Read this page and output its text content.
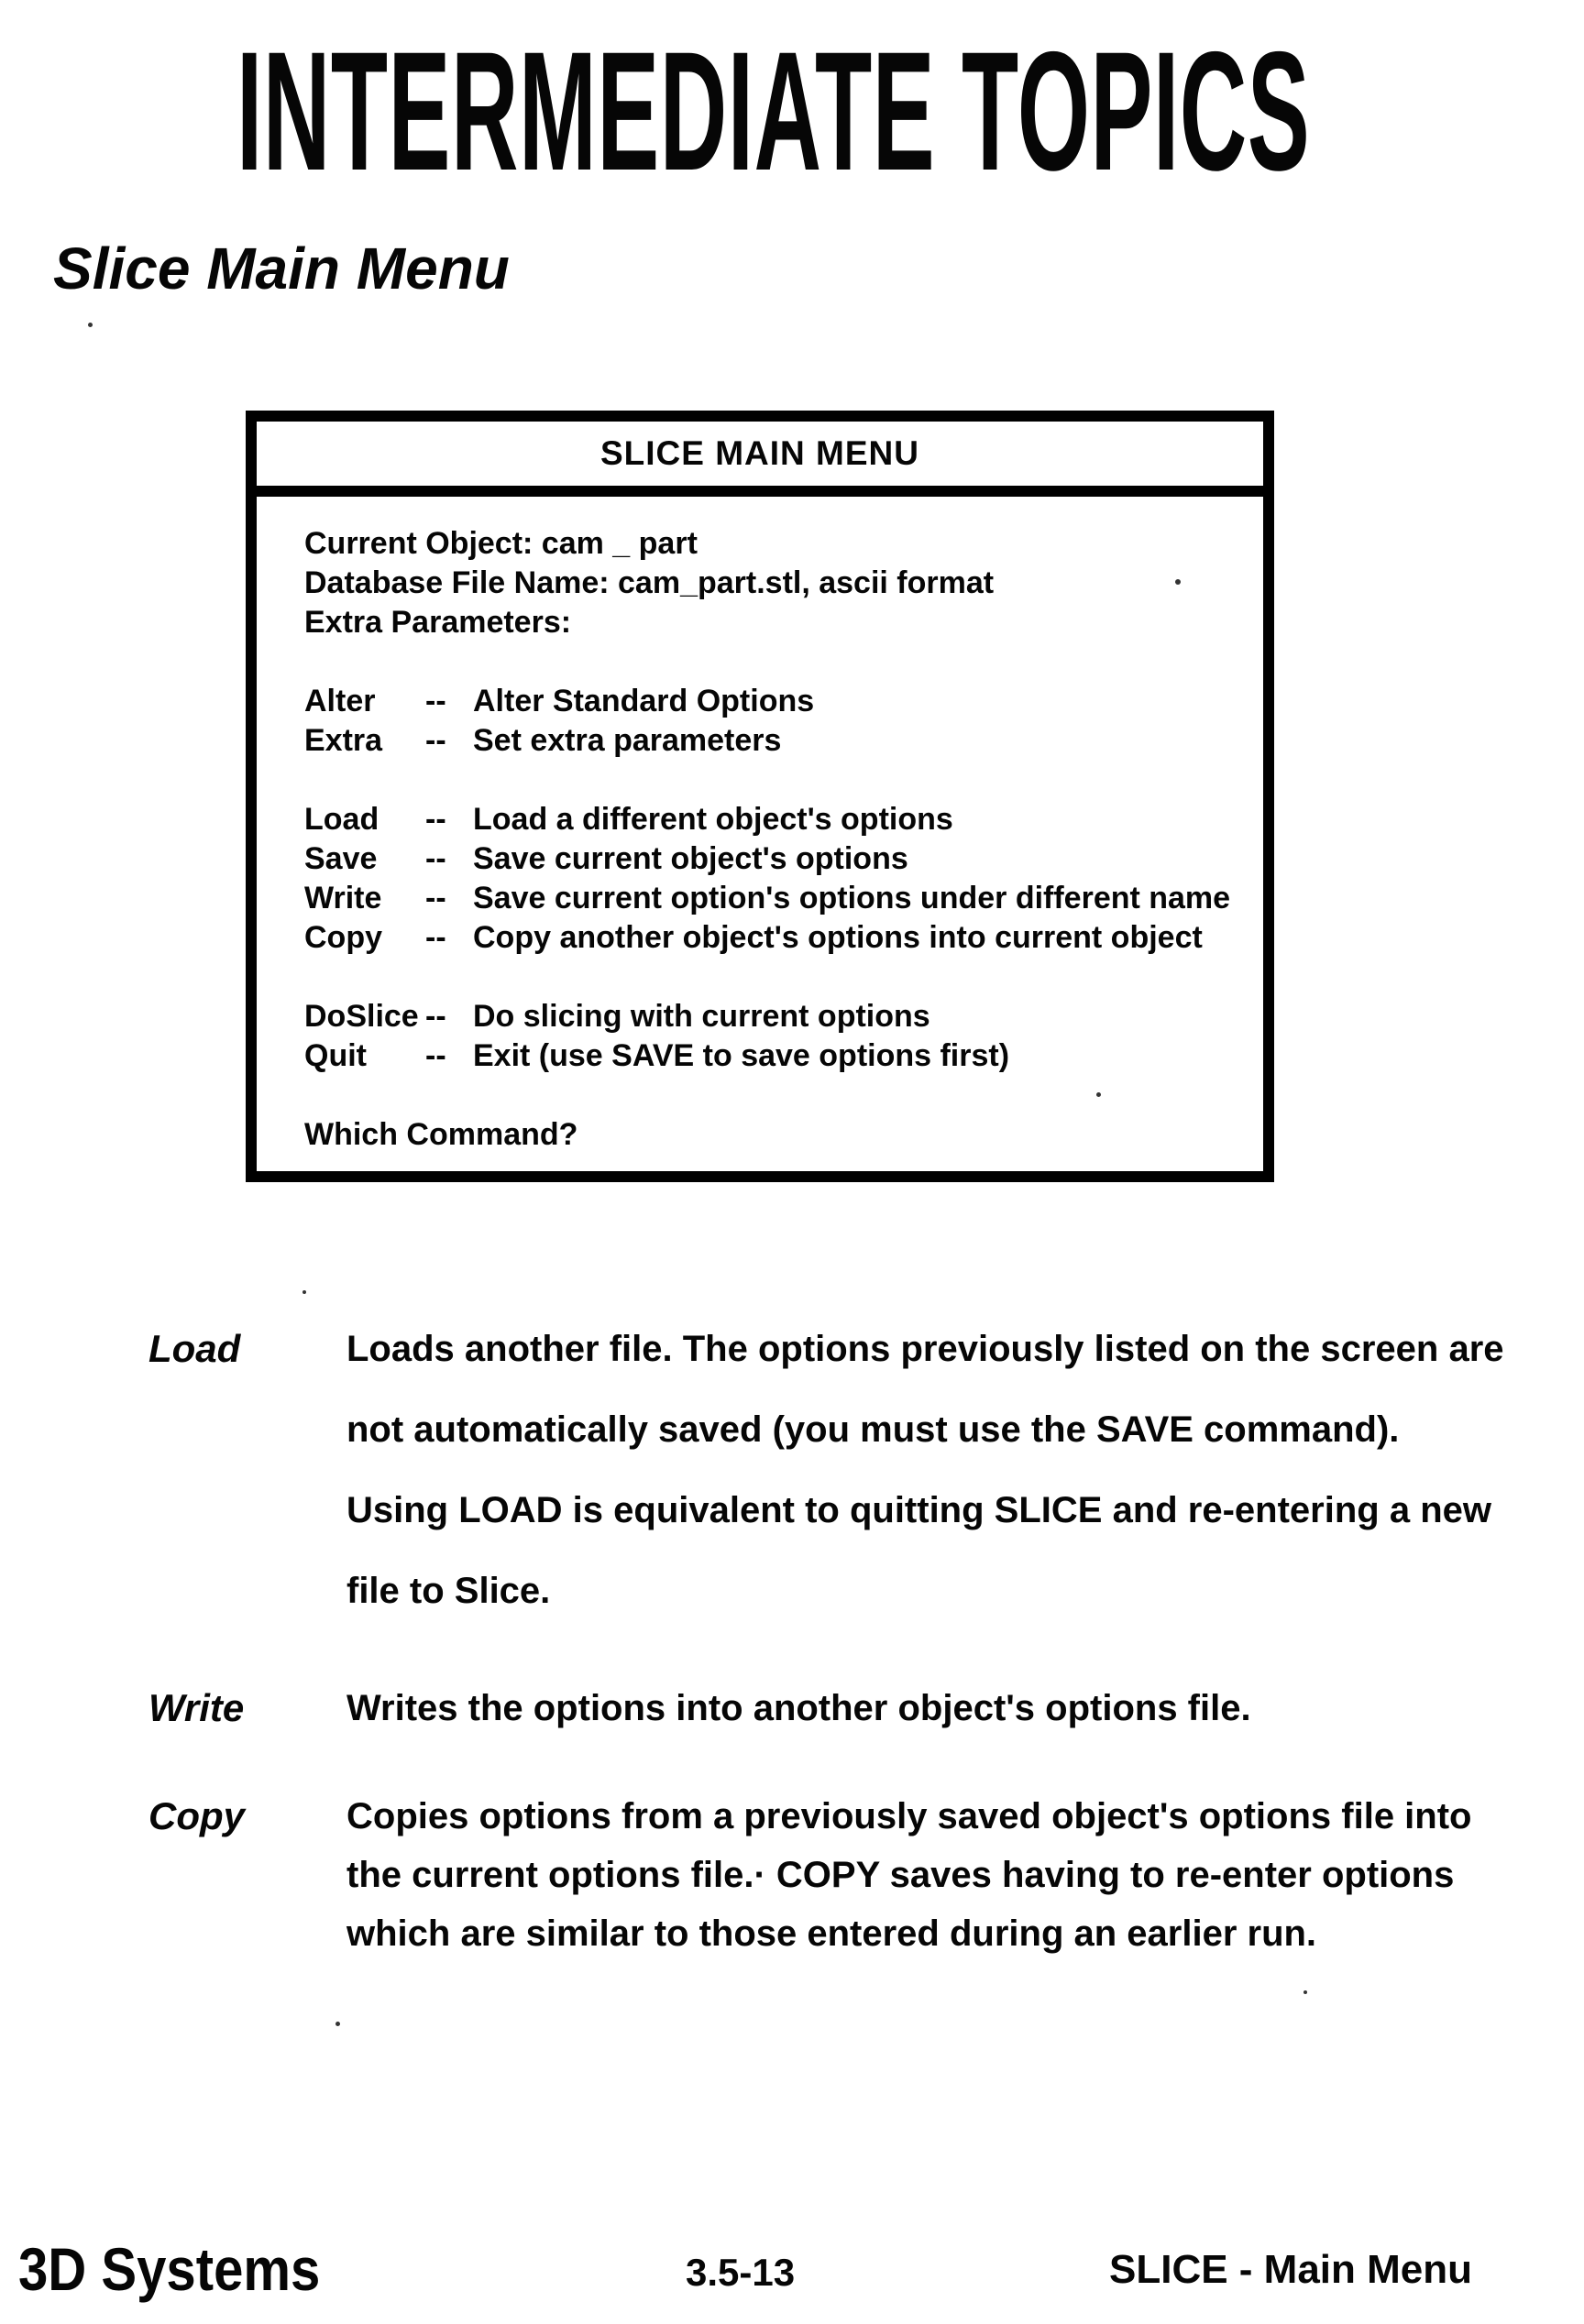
INTERMEDIATE TOPICS
Slice Main Menu
SLICE MAIN MENU
Current Object: cam _ part
Database File Name: cam_part.stl, ascii format
Extra Parameters:
Alter	-- Alter Standard Options
Extra	-- Set extra parameters
Load	-- Load a different object's options
Save	-- Save current object's options
Write	-- Save current option's options under different name
Copy	-- Copy another object's options into current object
DoSlice -- Do slicing with current options
Quit	-- Exit (use SAVE to save options first)
Which Command?
Load	Loads another file. The options previously listed on the screen are
not automatically saved (you must use the SAVE command).
Using LOAD is equivalent to quitting SLICE and re-entering a new
file to Slice.
Write	Writes the options into another object's options file.
Copy	Copies options from a previously saved object's options file into
the current options file.· COPY saves having to re-enter options
which are similar to those entered during an earlier run.
3D Systems	3.5-13	SLICE - Main Menu
